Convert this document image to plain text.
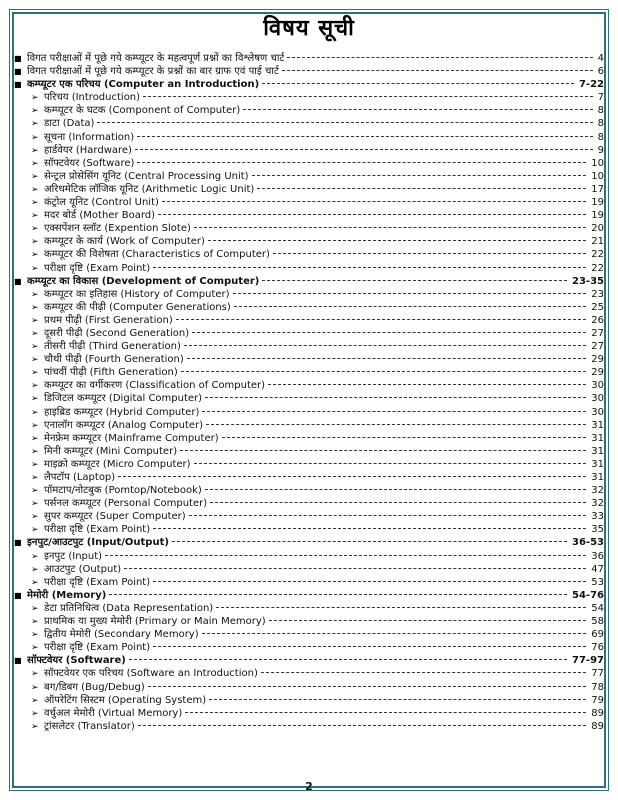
विषय सूची
■ विगत परीक्षाओं में पूछे गये कम्प्यूटर के महत्वपूर्ण प्रश्नों का विश्लेषण चार्ट	4
■ विगत परीक्षाओं में पूछे गये कम्प्यूटर के प्रश्नों का बार ग्राफ एवं पाई चार्ट	6
■ कम्प्यूटर एक परिचय (Computer an Introduction)	7-22
➢ परिचय (Introduction)	7
➢ कम्प्यूटर के घटक (Component of Computer)	8
➢ डाटा (Data)	8
➢ सूचना (Information)	8
➢ हार्डवेयर (Hardware)	9
➢ सॉफ्टवेयर (Software)	10
➢ सेन्ट्रल प्रोसेसिंग यूनिट (Central Processing Unit)	10
➢ अरिथमेटिक लॉजिक यूनिट (Arithmetic Logic Unit)	17
➢ कंट्रोल यूनिट (Control Unit)	19
➢ मदर बोर्ड (Mother Board)	19
➢ एक्सपेंशन स्लॉट (Expention Slote)	20
➢ कम्प्यूटर के कार्य (Work of Computer)	21
➢ कम्प्यूटर की विशेषता (Characteristics of Computer)	22
➢ परीक्षा दृष्टि (Exam Point)	22
■ कम्प्यूटर का विकास (Development of Computer)	23-35
➢ कम्प्यूटर का इतिहास (History of Computer)	23
➢ कम्प्यूटर की पीढ़ी (Computer Generations)	25
➢ प्रथम पीढ़ी (First Generation)	26
➢ दूसरी पीढ़ी (Second Generation)	27
➢ तीसरी पीढ़ी (Third Generation)	27
➢ चौथी पीढ़ी (Fourth Generation)	29
➢ पांचवीं पीढ़ी (Fifth Generation)	29
➢ कम्प्यूटर का वर्गीकरण (Classification of Computer)	30
➢ डिजिटल कम्प्यूटर (Digital Computer)	30
➢ हाइब्रिड कम्प्यूटर (Hybrid Computer)	30
➢ एनालॉग कम्प्यूटर (Analog Computer)	31
➢ मेनफ्रेम कम्प्यूटर (Mainframe Computer)	31
➢ मिनी कम्प्यूटर (Mini Computer)	31
➢ माइक्रो कम्प्यूटर (Micro Computer)	31
➢ लैपटॉप (Laptop)	31
➢ पॉमटाप/नोटबुक (Pomtop/Notebook)	32
➢ पर्सनल कम्प्यूटर (Personal Computer)	32
➢ सुपर कम्प्यूटर (Super Computer)	33
➢ परीक्षा दृष्टि (Exam Point)	35
■ इनपुट/आउटपुट (Input/Output)	36-53
➢ इनपुट (Input)	36
➢ आउटपुट (Output)	47
➢ परीक्षा दृष्टि (Exam Point)	53
■ मेमोरी (Memory)	54-76
➢ डेटा प्रतिनिधित्व (Data Representation)	54
➢ प्राथमिक या मुख्य मेमोरी (Primary or Main Memory)	58
➢ द्वितीय मेमोरी (Secondary Memory)	69
➢ परीक्षा दृष्टि (Exam Point)	76
■ सॉफ्टवेयर (Software)	77-97
➢ सॉफ्टवेयर एक परिचय (Software an Introduction)	77
➢ बग/डिबग (Bug/Debug)	78
➢ ऑपरेटिंग सिस्टम (Operating System)	79
➢ वर्चुअल मेमोरी (Virtual Memory)	89
➢ ट्रांसलेटर (Translator)	89
2
